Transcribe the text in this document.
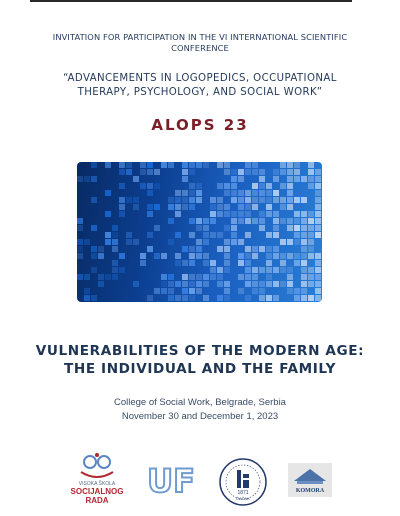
INVITATION FOR PARTICIPATION IN THE VI INTERNATIONAL SCIENTIFIC
CONFERENCE
“ADVANCEMENTS IN LOGOPEDICS, OCCUPATIONAL
THERAPY, PSYCHOLOGY, AND SOCIAL WORK”
ALOPS 23
VULNERABILITIES OF THE MODERN AGE:
THE INDIVIDUAL AND THE FAMILY
College of Social Work, Belgrade, Serbia
November 30 and December 1, 2023
VISOKA ŠKOLA
SOCIJALNOG
RADA
UF	1871
ČAČAK
KOMORA
